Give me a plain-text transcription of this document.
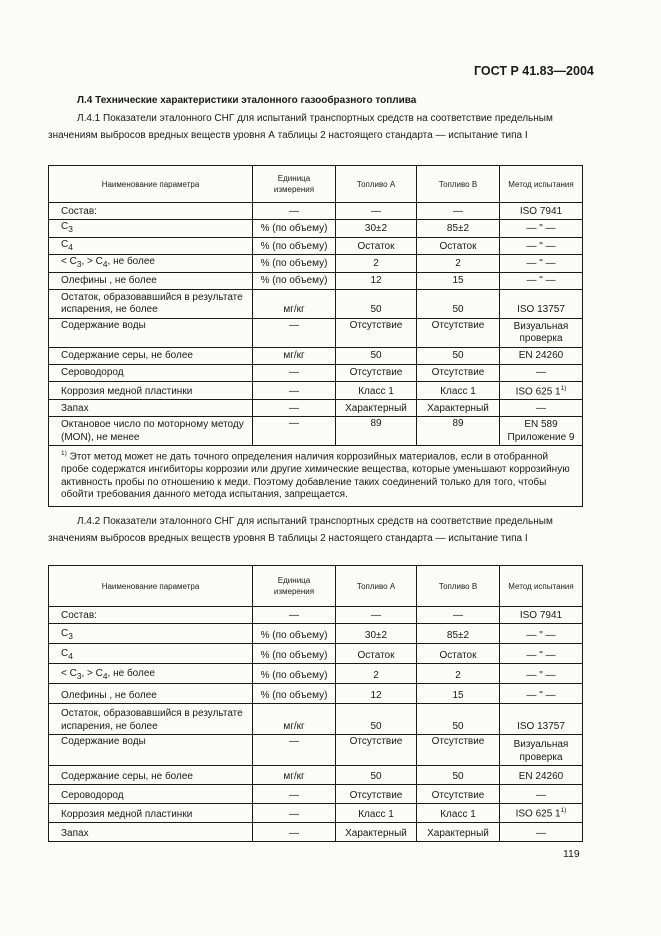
ГОСТ Р 41.83—2004
Л.4 Технические характеристики эталонного газообразного топлива

Л.4.1 Показатели эталонного СНГ для испытаний транспортных средств на соответствие предельным значениям выбросов вредных веществ уровня А таблицы 2 настоящего стандарта — испытание типа I

Наименование параметра	Единица измерения	Топливо А	Топливо В	Метод испытания
Состав:	—	—	—	ISO 7941
$C_3$	% (по объему)	30±2	85±2	— " —
$C_4$	% (по объему)	Остаток	Остаток	— " —
< $C_3$, > $C_4$, не более	% (по объему)	2	2	— " —
Олефины , не более	% (по объему)	12	15	— " —
Остаток, образовавшийся в результате испарения, не более	мг/кг	50	50	ISO 13757
Содержание воды	—	Отсутствие	Отсутствие	Визуальная проверка
Содержание серы, не более	мг/кг	50	50	EN 24260
Сероводород	—	Отсутствие	Отсутствие	—
Коррозия медной пластинки	—	Класс 1	Класс 1	ISO 625 1$^{1)}$
Запах	—	Характерный	Характерный	—
Октановое число по моторному методу (MON), не менее	—	89	89	EN 589 Приложение 9
$^{1)}$ Этот метод может не дать точного определения наличия коррозийных материалов, если в отобранной пробе содержатся ингибиторы коррозии или другие химические вещества, которые уменьшают коррозийную активность пробы по отношению к меди. Поэтому добавление таких соединений только для того, чтобы обойти требования данного метода испытания, запрещается.				

Л.4.2 Показатели эталонного СНГ для испытаний транспортных средств на соответствие предельным значениям выбросов вредных веществ уровня В таблицы 2 настоящего стандарта — испытание типа I

Наименование параметра	Единица измерения	Топливо А	Топливо В	Метод испытания
Состав:	—	—	—	ISO 7941
$C_3$	% (по объему)	30±2	85±2	— " —
$C_4$	% (по объему)	Остаток	Остаток	— " —
< $C_3$, > $C_4$, не более	% (по объему)	2	2	— " —
Олефины , не более	% (по объему)	12	15	— " —
Остаток, образовавшийся в результате испарения, не более	мг/кг	50	50	ISO 13757
Содержание воды	—	Отсутствие	Отсутствие	Визуальная проверка
Содержание серы, не более	мг/кг	50	50	EN 24260
Сероводород	—	Отсутствие	Отсутствие	—
Коррозия медной пластинки	—	Класс 1	Класс 1	ISO 625 1$^{1)}$
Запах	—	Характерный	Характерный	—
119
